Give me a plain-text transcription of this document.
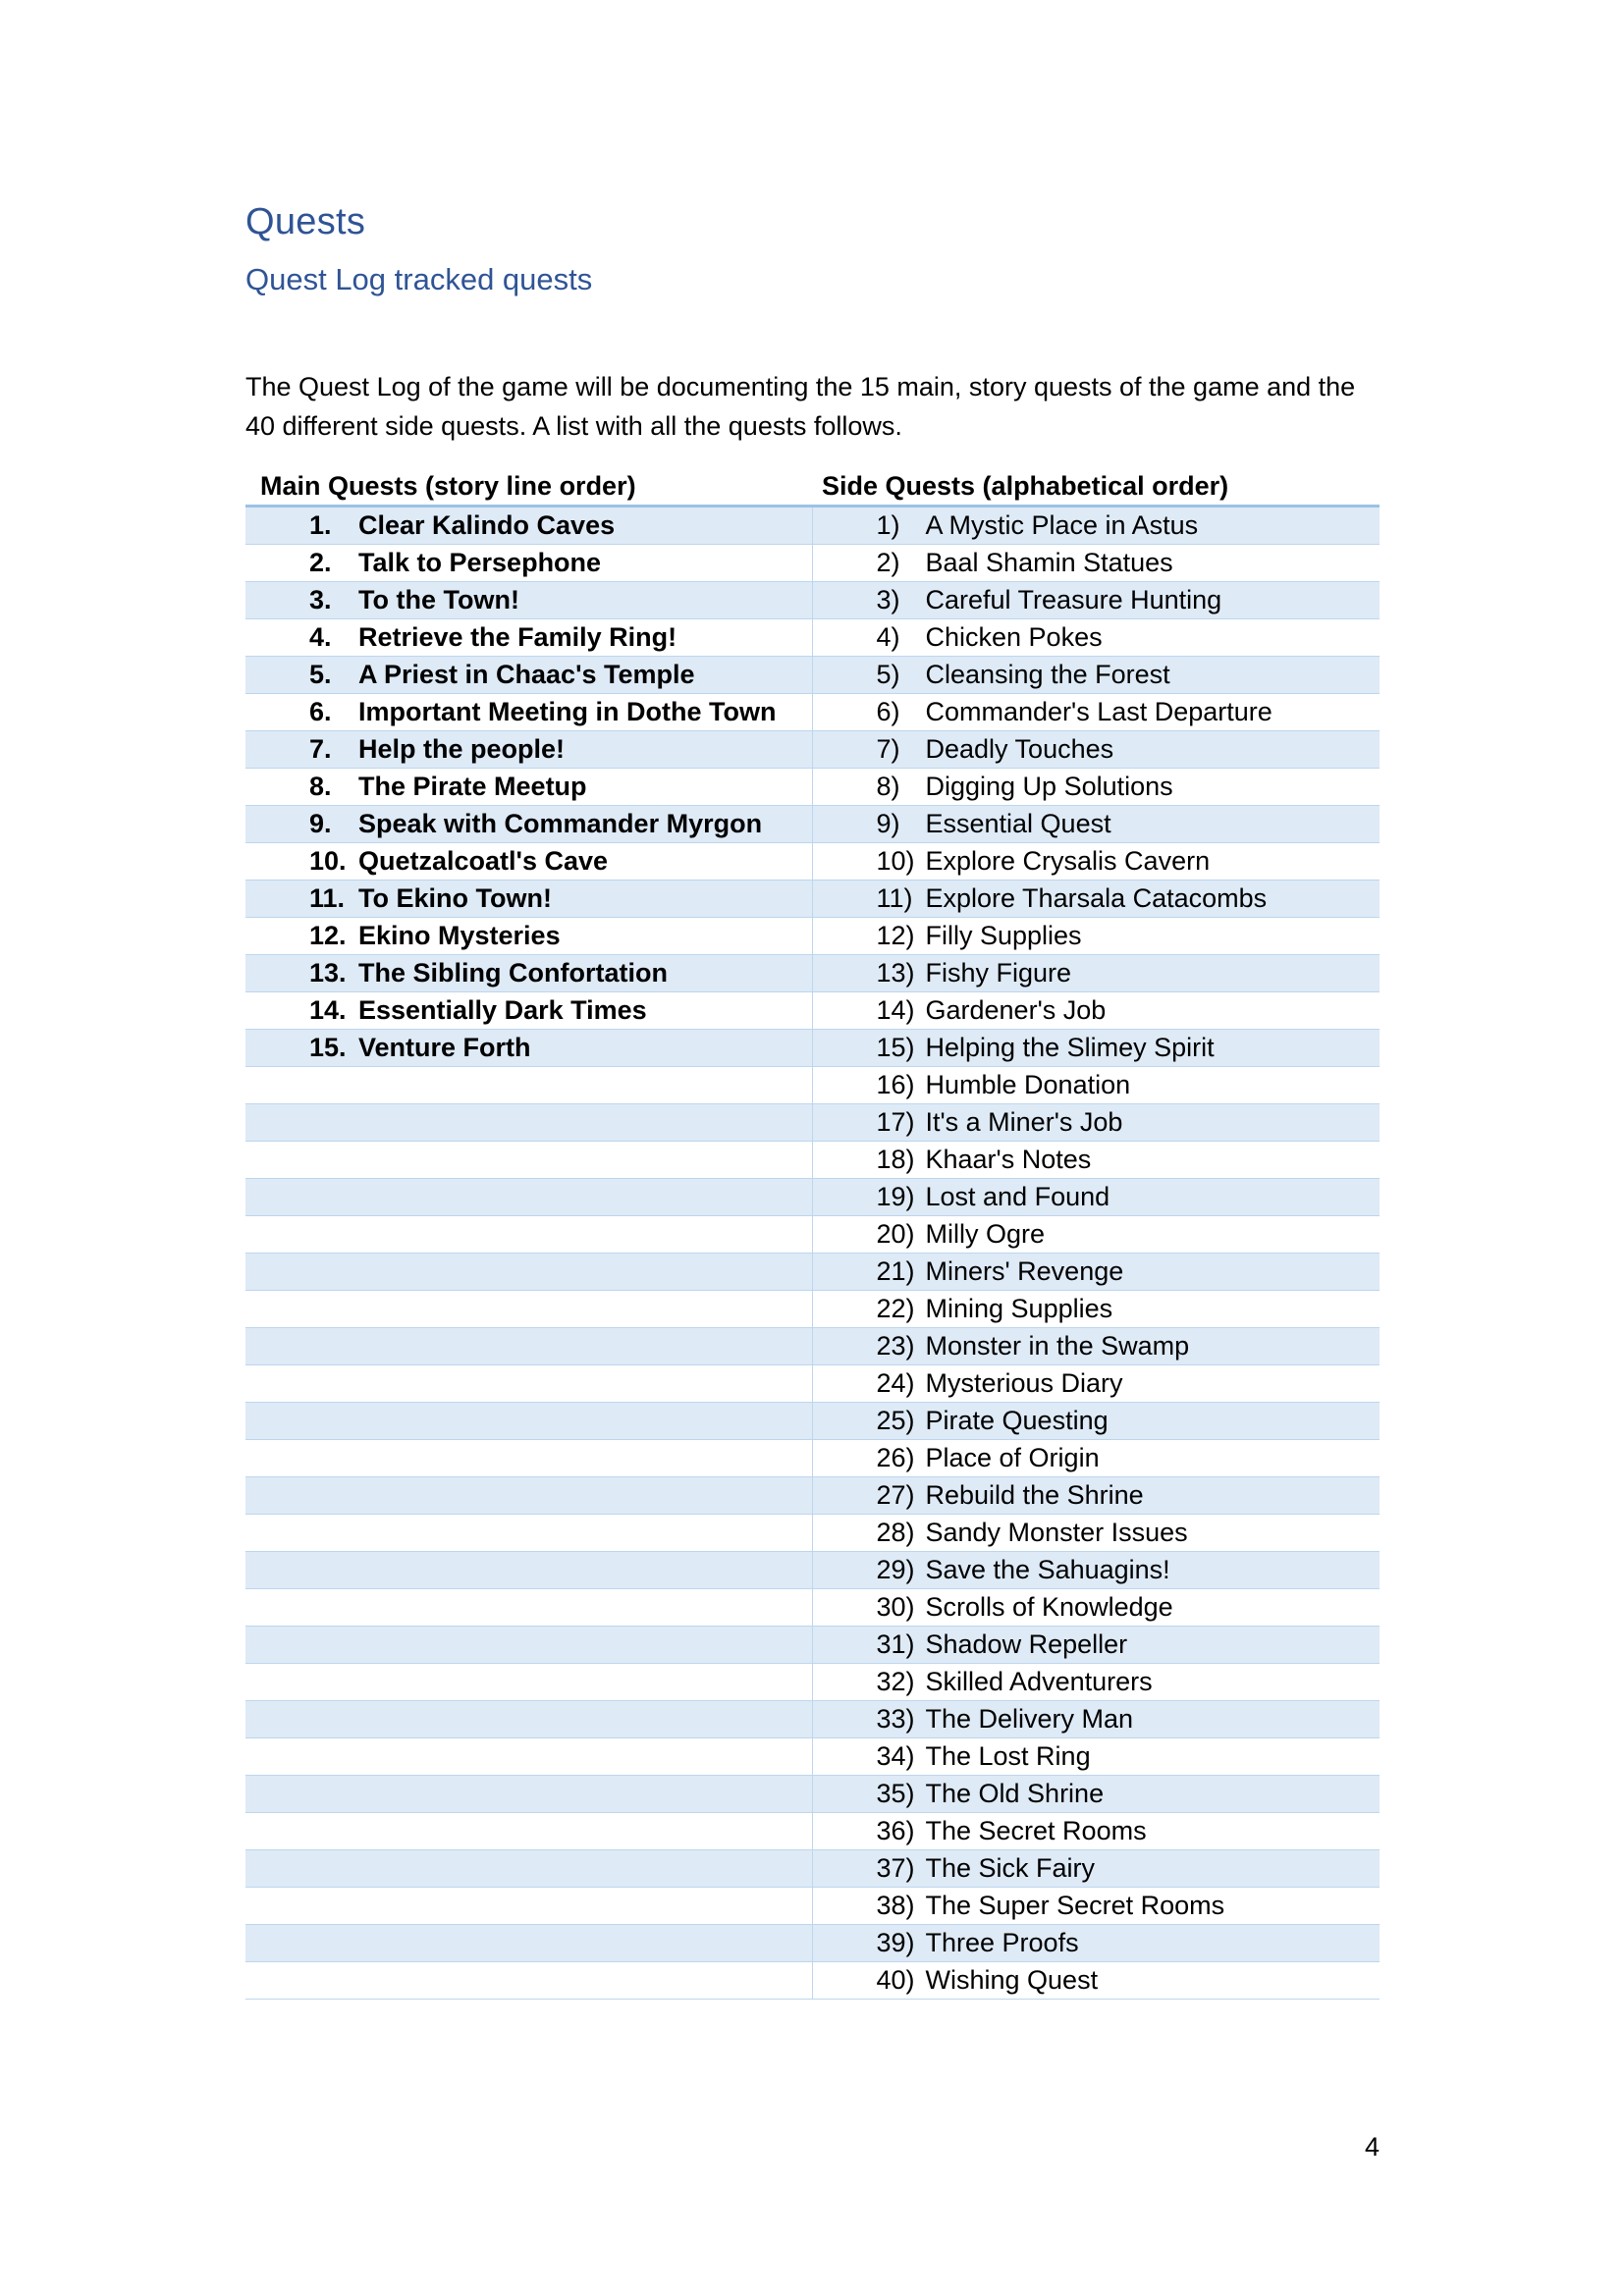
Quests
Quest Log tracked quests

The Quest Log of the game will be documenting the 15 main, story quests of the game and the 40 different side quests. A list with all the quests follows.

Main Quests (story line order)	Side Quests (alphabetical order)
1. Clear Kalindo Caves	1) A Mystic Place in Astus
2. Talk to Persephone	2) Baal Shamin Statues
3. To the Town!	3) Careful Treasure Hunting
4. Retrieve the Family Ring!	4) Chicken Pokes
5. A Priest in Chaac's Temple	5) Cleansing the Forest
6. Important Meeting in Dothe Town	6) Commander's Last Departure
7. Help the people!	7) Deadly Touches
8. The Pirate Meetup	8) Digging Up Solutions
9. Speak with Commander Myrgon	9) Essential Quest
10. Quetzalcoatl's Cave	10) Explore Crysalis Cavern
11. To Ekino Town!	11) Explore Tharsala Catacombs
12. Ekino Mysteries	12) Filly Supplies
13. The Sibling Confortation	13) Fishy Figure
14. Essentially Dark Times	14) Gardener's Job
15. Venture Forth	15) Helping the Slimey Spirit
	16) Humble Donation
	17) It's a Miner's Job
	18) Khaar's Notes
	19) Lost and Found
	20) Milly Ogre
	21) Miners' Revenge
	22) Mining Supplies
	23) Monster in the Swamp
	24) Mysterious Diary
	25) Pirate Questing
	26) Place of Origin
	27) Rebuild the Shrine
	28) Sandy Monster Issues
	29) Save the Sahuagins!
	30) Scrolls of Knowledge
	31) Shadow Repeller
	32) Skilled Adventurers
	33) The Delivery Man
	34) The Lost Ring
	35) The Old Shrine
	36) The Secret Rooms
	37) The Sick Fairy
	38) The Super Secret Rooms
	39) Three Proofs
	40) Wishing Quest
4
